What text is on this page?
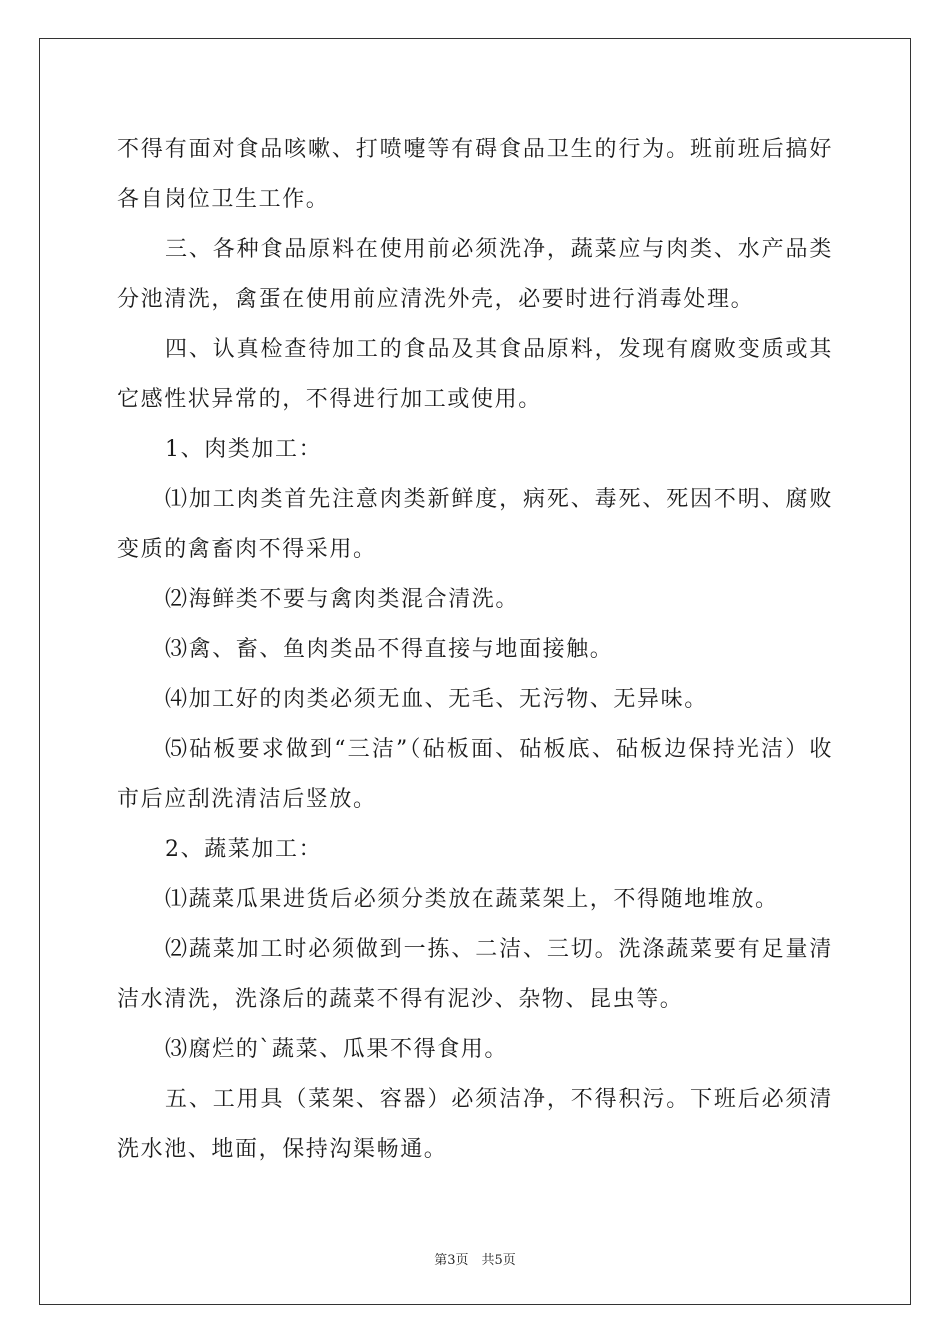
不得有面对食品咳嗽、打喷嚏等有碍食品卫生的行为。班前班后搞好各自岗位卫生工作。

三、各种食品原料在使用前必须洗净，蔬菜应与肉类、水产品类分池清洗，禽蛋在使用前应清洗外壳，必要时进行消毒处理。

四、认真检查待加工的食品及其食品原料，发现有腐败变质或其它感性状异常的，不得进行加工或使用。

1、肉类加工：

⑴加工肉类首先注意肉类新鲜度，病死、毒死、死因不明、腐败变质的禽畜肉不得采用。

⑵海鲜类不要与禽肉类混合清洗。

⑶禽、畜、鱼肉类品不得直接与地面接触。

⑷加工好的肉类必须无血、无毛、无污物、无异味。

⑸砧板要求做到“三洁”（砧板面、砧板底、砧板边保持光洁）收市后应刮洗清洁后竖放。

2、蔬菜加工：

⑴蔬菜瓜果进货后必须分类放在蔬菜架上，不得随地堆放。

⑵蔬菜加工时必须做到一拣、二洁、三切。洗涤蔬菜要有足量清洁水清洗，洗涤后的蔬菜不得有泥沙、杂物、昆虫等。

⑶腐烂的`蔬菜、瓜果不得食用。

五、工用具（菜架、容器）必须洁净，不得积污。下班后必须清洗水池、地面，保持沟渠畅通。

第3页　共5页
